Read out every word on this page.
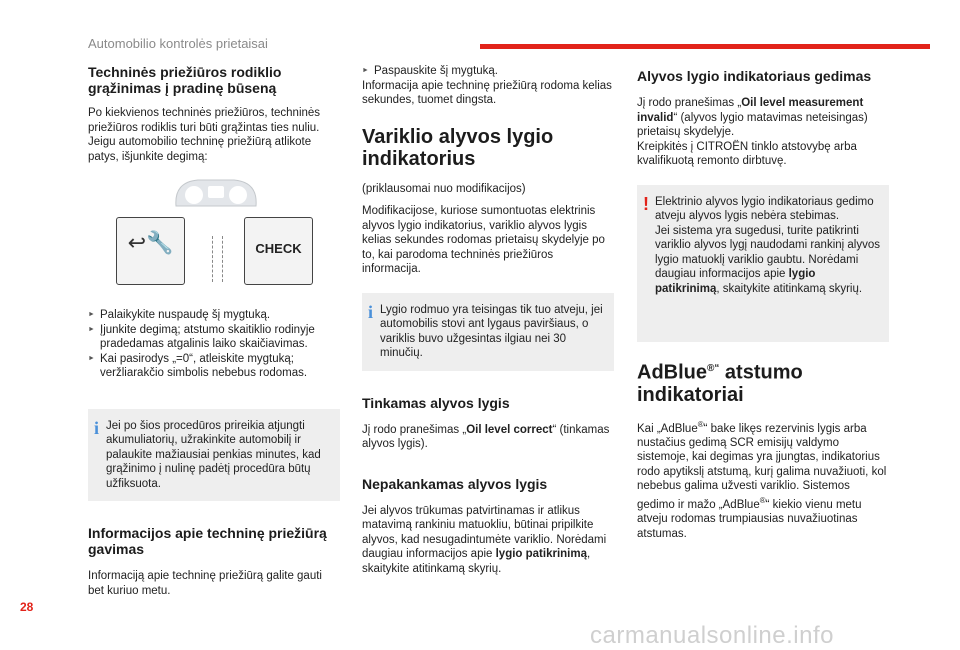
Automobilio kontrolės prietaisai
Techninės priežiūros rodiklio grąžinimas į pradinę būseną

Po kiekvienos techninės priežiūros, techninės priežiūros rodiklis turi būti grąžintas ties nuliu. Jeigu automobilio techninę priežiūrą atlikote patys, išjunkite degimą:

↩🔧	CHECK
► Palaikykite nuspaudę šį mygtuką.
► Įjunkite degimą; atstumo skaitiklio rodinyje pradedamas atgalinis laiko skaičiavimas.
► Kai pasirodys „=0“, atleiskite mygtuką; veržliarakčio simbolis nebebus rodomas.
i Jei po šios procedūros prireikia atjungti akumuliatorių, užrakinkite automobilį ir palaukite mažiausiai penkias minutes, kad grąžinimo į nulinę padėtį procedūra būtų užfiksuota.
Informacijos apie techninę priežiūrą gavimas

Informaciją apie techninę priežiūrą galite gauti bet kuriuo metu.

► Paspauskite šį mygtuką.

Informacija apie techninę priežiūrą rodoma kelias sekundes, tuomet dingsta.

Variklio alyvos lygio indikatorius

(priklausomai nuo modifikacijos)

Modifikacijose, kuriose sumontuotas elektrinis alyvos lygio indikatorius, variklio alyvos lygis kelias sekundes rodomas prietaisų skydelyje po to, kai parodoma techninės priežiūros informacija.

i Lygio rodmuo yra teisingas tik tuo atveju, jei automobilis stovi ant lygaus paviršiaus, o variklis buvo užgesintas ilgiau nei 30 minučių.
Tinkamas alyvos lygis

Jį rodo pranešimas „Oil level correct“ (tinkamas alyvos lygis).

Nepakankamas alyvos lygis

Jei alyvos trūkumas patvirtinamas ir atlikus matavimą rankiniu matuokliu, būtinai pripilkite alyvos, kad nesugadintumėte variklio. Norėdami daugiau informacijos apie lygio patikrinimą, skaitykite atitinkamą skyrių.

Alyvos lygio indikatoriaus gedimas

Jį rodo pranešimas „Oil level measurement invalid“ (alyvos lygio matavimas neteisingas) prietaisų skydelyje.
Kreipkitės į CITROËN tinklo atstovybę arba kvalifikuotą remonto dirbtuvę.

! Elektrinio alyvos lygio indikatoriaus gedimo atveju alyvos lygis nebėra stebimas.
Jei sistema yra sugedusi, turite patikrinti variklio alyvos lygį naudodami rankinį alyvos lygio matuoklį variklio gaubtu. Norėdami daugiau informacijos apie lygio patikrinimą, skaitykite atitinkamą skyrių.
AdBlue®“ atstumo indikatoriai

Kai „AdBlue®“ bake likęs rezervinis lygis arba nustačius gedimą SCR emisijų valdymo sistemoje, kai degimas yra įjungtas, indikatorius rodo apytikslį atstumą, kurį galima nuvažiuoti, kol nebebus galima užvesti variklio. Sistemos gedimo ir mažo „AdBlue®“ kiekio vienu metu atveju rodomas trumpiausias nuvažiuotinas atstumas.

28
carmanualsonline.info
